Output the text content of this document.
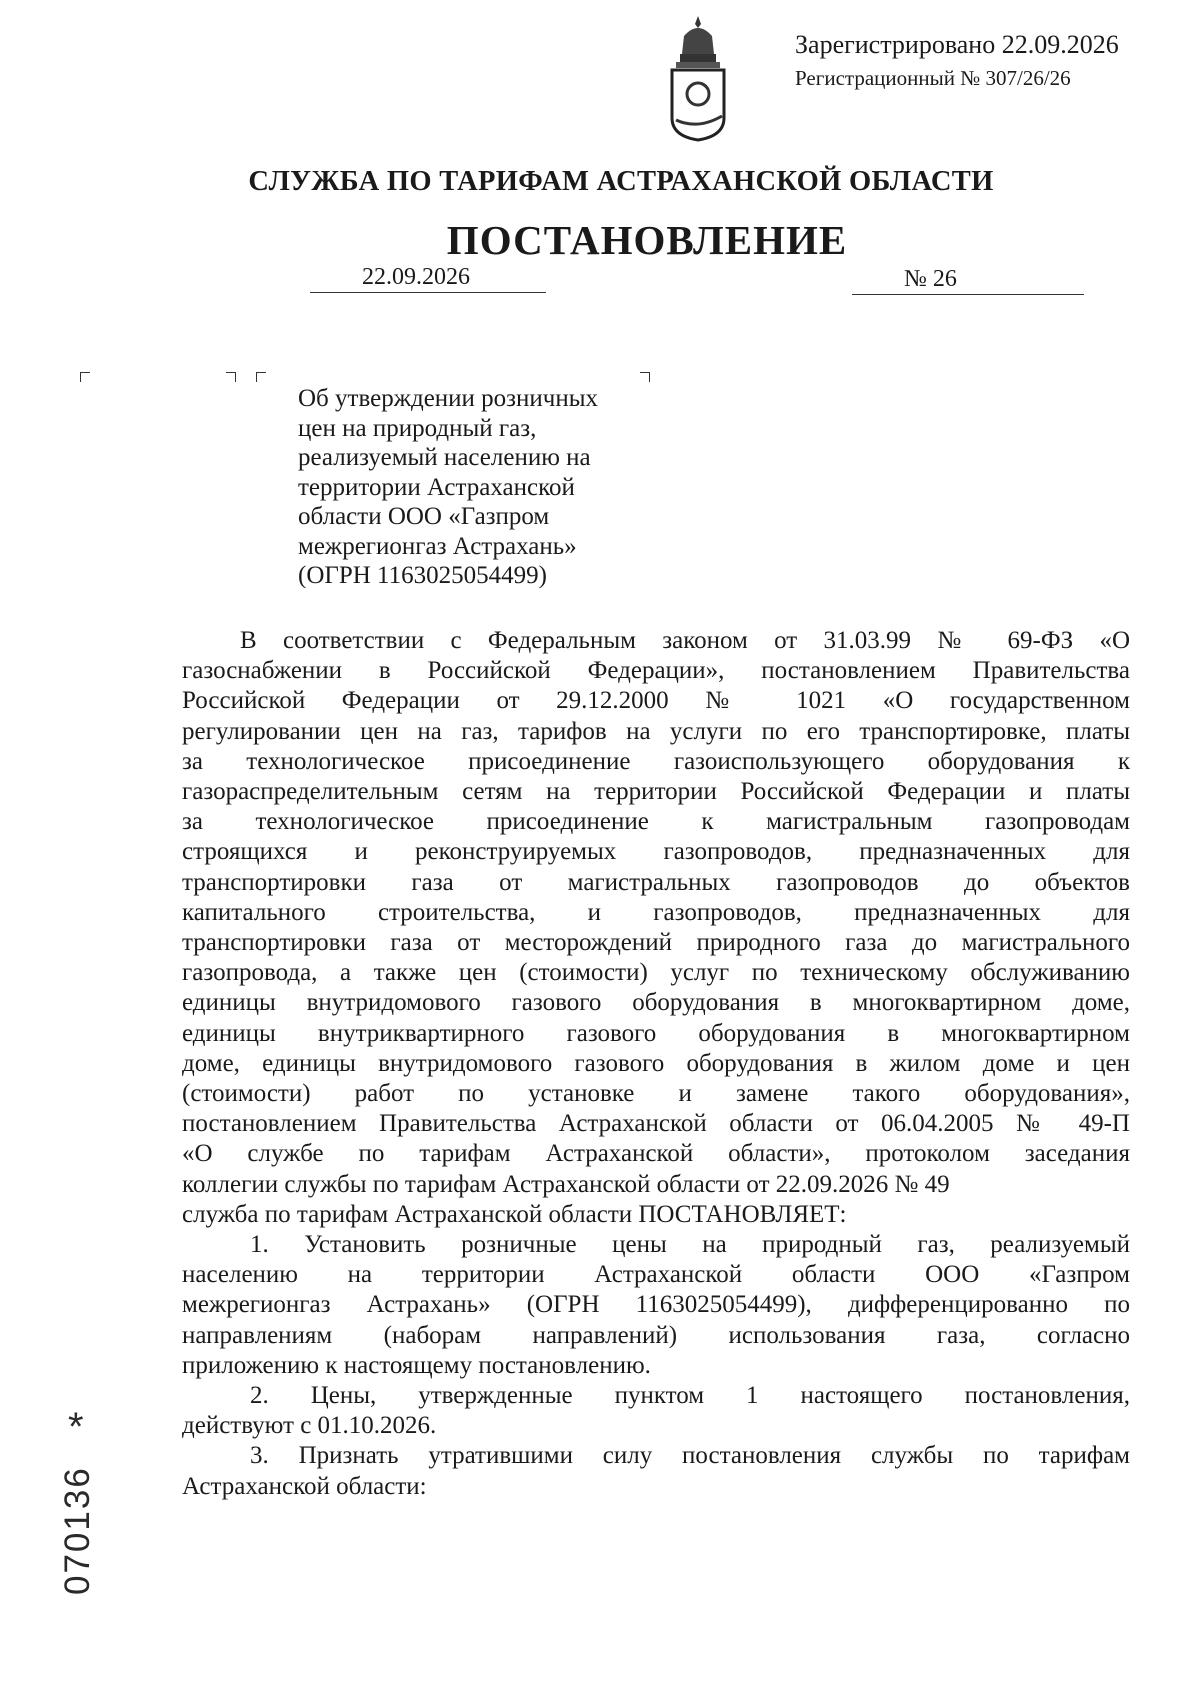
Зарегистрировано 22.09.2026
Регистрационный № 307/26/26
СЛУЖБА ПО ТАРИФАМ АСТРАХАНСКОЙ ОБЛАСТИ
ПОСТАНОВЛЕНИЕ
22.09.2026	№ 26
Об утверждении розничных
цен на природный газ,
реализуемый населению на
территории Астраханской
области ООО «Газпром
межрегионгаз Астрахань»
(ОГРН 1163025054499)
В соответствии с Федеральным законом от 31.03.99 № 69-ФЗ «О
газоснабжении в Российской Федерации», постановлением Правительства
Российской Федерации от 29.12.2000 № 1021 «О государственном
регулировании цен на газ, тарифов на услуги по его транспортировке, платы
за технологическое присоединение газоиспользующего оборудования к
газораспределительным сетям на территории Российской Федерации и платы
за технологическое присоединение к магистральным газопроводам
строящихся и реконструируемых газопроводов, предназначенных для
транспортировки газа от магистральных газопроводов до объектов
капитального строительства, и газопроводов, предназначенных для
транспортировки газа от месторождений природного газа до магистрального
газопровода, а также цен (стоимости) услуг по техническому обслуживанию
единицы внутридомового газового оборудования в многоквартирном доме,
единицы внутриквартирного газового оборудования в многоквартирном
доме, единицы внутридомового газового оборудования в жилом доме и цен
(стоимости) работ по установке и замене такого оборудования»,
постановлением Правительства Астраханской области от 06.04.2005 № 49-П
«О службе по тарифам Астраханской области», протоколом заседания
коллегии службы по тарифам Астраханской области от 22.09.2026 № 49
служба по тарифам Астраханской области ПОСТАНОВЛЯЕТ:
1. Установить розничные цены на природный газ, реализуемый
населению на территории Астраханской области ООО «Газпром
межрегионгаз Астрахань» (ОГРН 1163025054499), дифференцированно по
направлениям (наборам направлений) использования газа, согласно
приложению к настоящему постановлению.
2. Цены, утвержденные пунктом 1 настоящего постановления,
действуют с 01.10.2026.
3. Признать утратившими силу постановления службы по тарифам
Астраханской области:
*
070136
